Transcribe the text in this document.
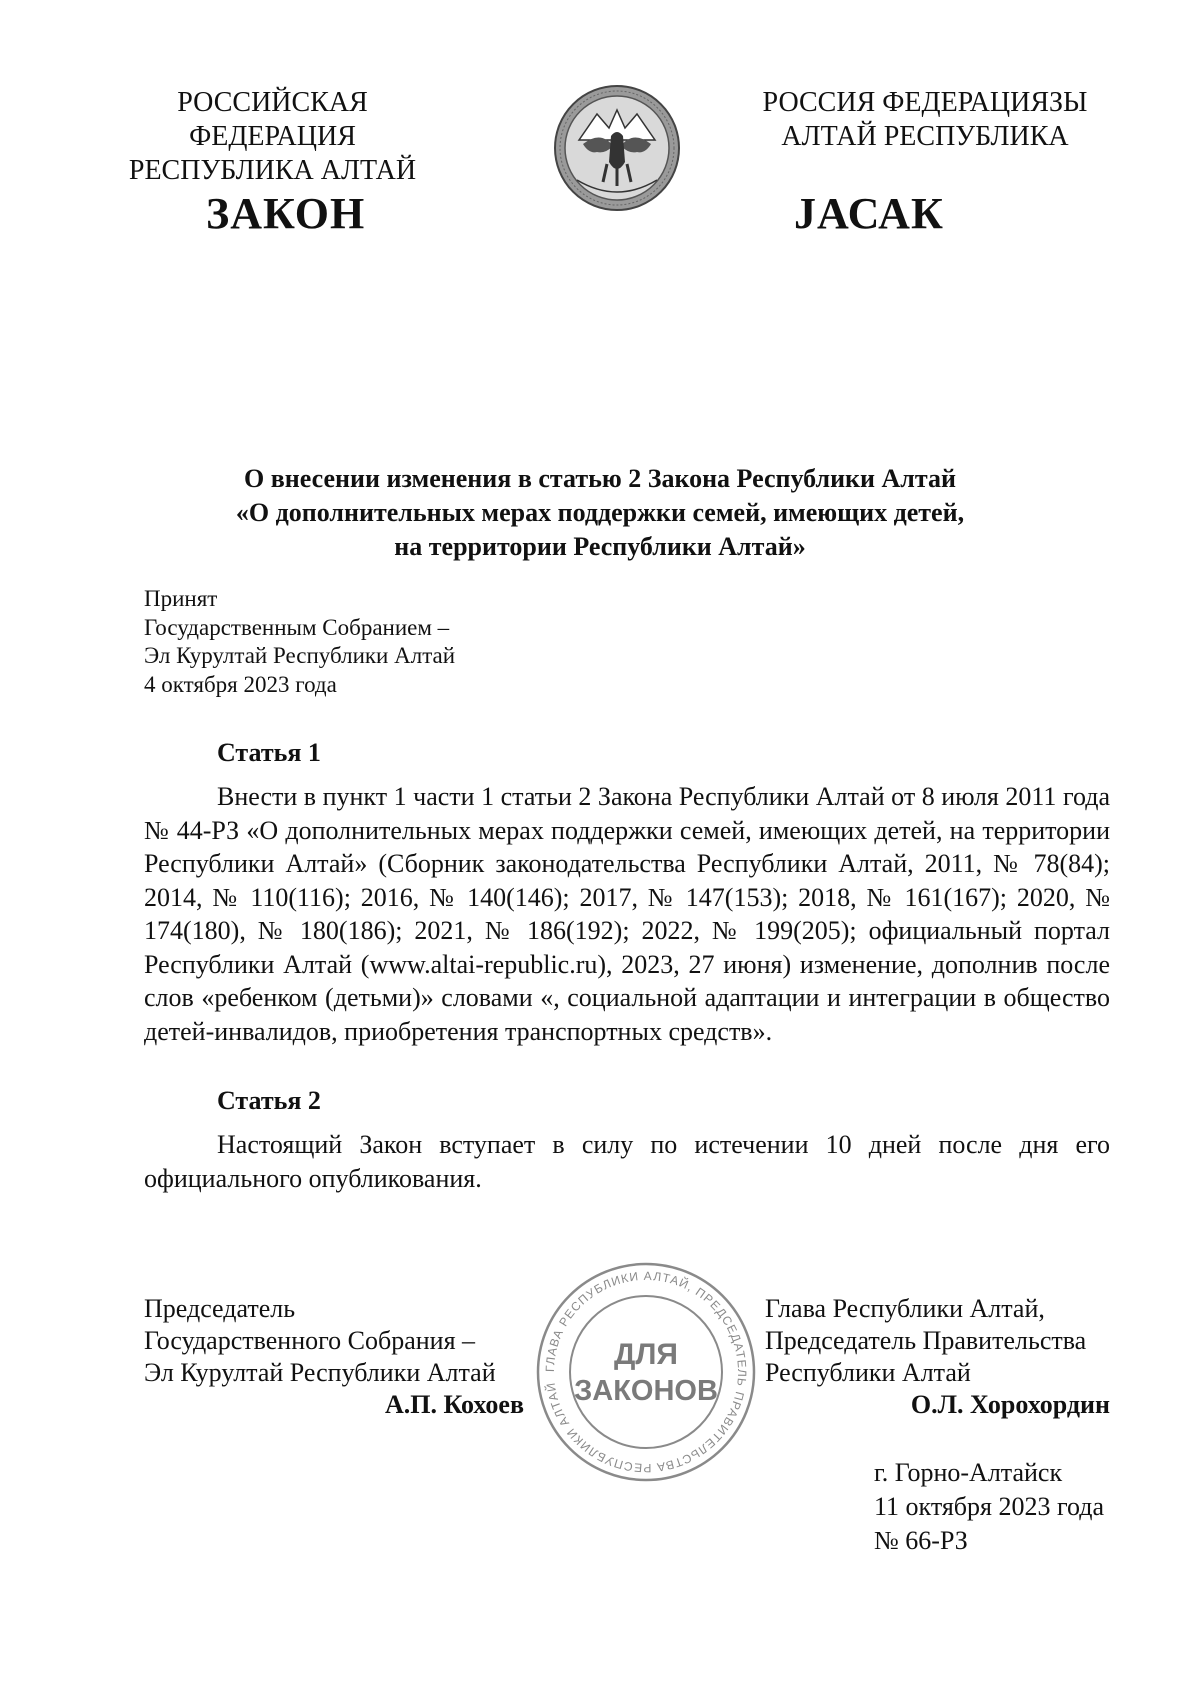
РОССИЙСКАЯ ФЕДЕРАЦИЯ
РЕСПУБЛИКА АЛТАЙ
РОССИЯ ФЕДЕРАЦИЯЗЫ
АЛТАЙ РЕСПУБЛИКА
ЗАКОН	JАСАК
О внесении изменения в статью 2 Закона Республики Алтай
«О дополнительных мерах поддержки семей, имеющих детей,
на территории Республики Алтай»
Принят
Государственным Собранием –
Эл Курултай Республики Алтай
4 октября 2023 года
Статья 1
Внести в пункт 1 части 1 статьи 2 Закона Республики Алтай от 8 июля 2011 года № 44-РЗ «О дополнительных мерах поддержки семей, имеющих детей, на территории Республики Алтай» (Сборник законодательства Республики Алтай, 2011, № 78(84); 2014, № 110(116); 2016, № 140(146); 2017, № 147(153); 2018, № 161(167); 2020, № 174(180), № 180(186); 2021, № 186(192); 2022, № 199(205); официальный портал Республики Алтай (www.altai-republic.ru), 2023, 27 июня) изменение, дополнив после слов «ребенком (детьми)» словами «, социальной адаптации и интеграции в общество детей-инвалидов, приобретения транспортных средств».
Статья 2
Настоящий Закон вступает в силу по истечении 10 дней после дня его официального опубликования.
Председатель
Государственного Собрания –
Эл Курултай Республики Алтай
А.П. Кохоев
ГЛАВА РЕСПУБЛИКИ АЛТАЙ, ПРЕДСЕДАТЕЛЬ ПРАВИТЕЛЬСТВА РЕСПУБЛИКИ АЛТАЙ
ДЛЯ
ЗАКОНОВ
Глава Республики Алтай,
Председатель Правительства
Республики Алтай
О.Л. Хорохордин
г. Горно-Алтайск
11 октября 2023 года
№ 66-РЗ
